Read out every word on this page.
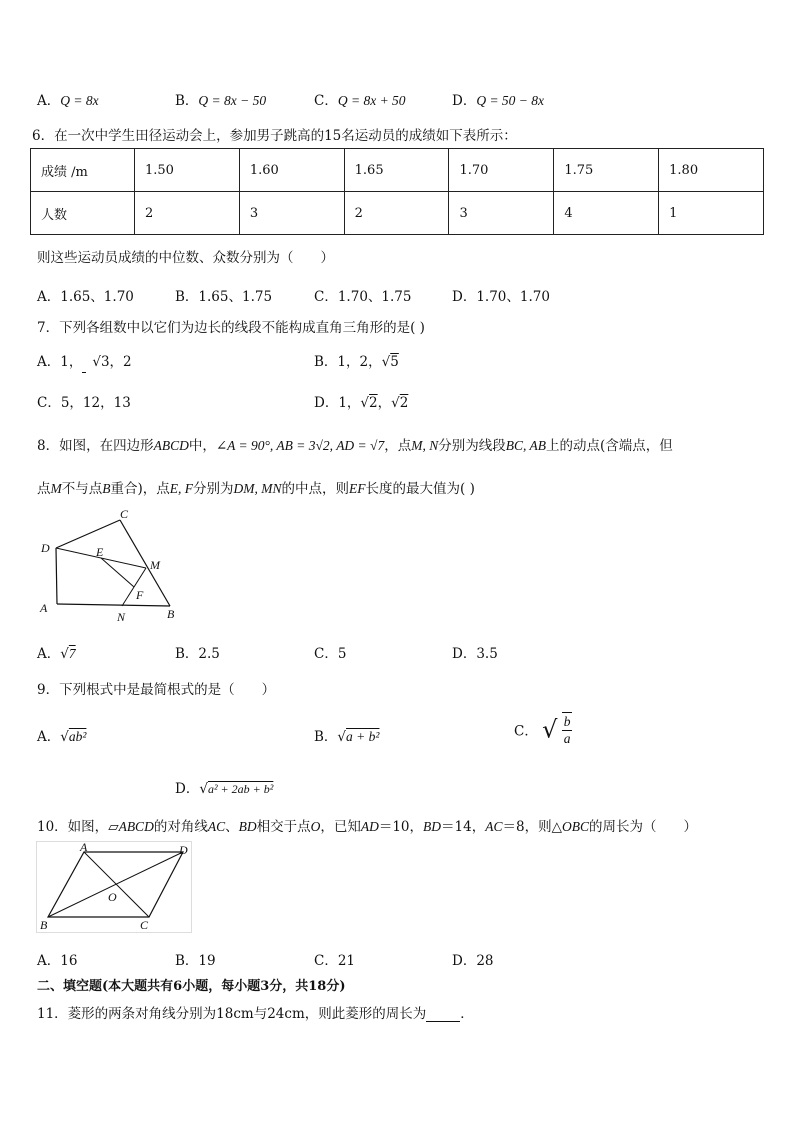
A．Q = 8x	B．Q = 8x − 50	C．Q = 8x + 50	D．Q = 50 − 8x
6．在一次中学生田径运动会上，参加男子跳高的15名运动员的成绩如下表所示：
成绩 /m	1.50	1.60	1.65	1.70	1.75	1.80
人数	2	3	2	3	4	1
则这些运动员成绩的中位数、众数分别为（　　）
A．1.65、1.70	B．1.65、1.75	C．1.70、1.75	D．1.70、1.70
7．下列各组数中以它们为边长的线段不能构成直角三角形的是( )
A．1， √3，2	B．1，2，√5
C．5，12，13	D．1，√2，√2
8．如图，在四边形ABCD中，∠A = 90°, AB = 3√2, AD = √7，点M, N分别为线段BC, AB上的动点(含端点，但
点M不与点B重合)，点E, F分别为DM, MN的中点，则EF长度的最大值为( )
C
D	E
M
F
A
N	B
A．√7	B．2.5	C．5	D．3.5
9．下列根式中是最简根式的是（　　）
A．√ab²	B．√a + b²	C． √ $\frac{b}{a}$
D．√a² + 2ab + b²
10．如图，▱ABCD的对角线AC、BD相交于点O，已知AD＝10，BD＝14，AC＝8，则△OBC的周长为（　　）
A	D
O
B	C
A．16	B．19	C．21	D．28
二、填空题(本大题共有6小题，每小题3分，共18分)
11．菱形的两条对角线分别为18cm与24cm，则此菱形的周长为	．
